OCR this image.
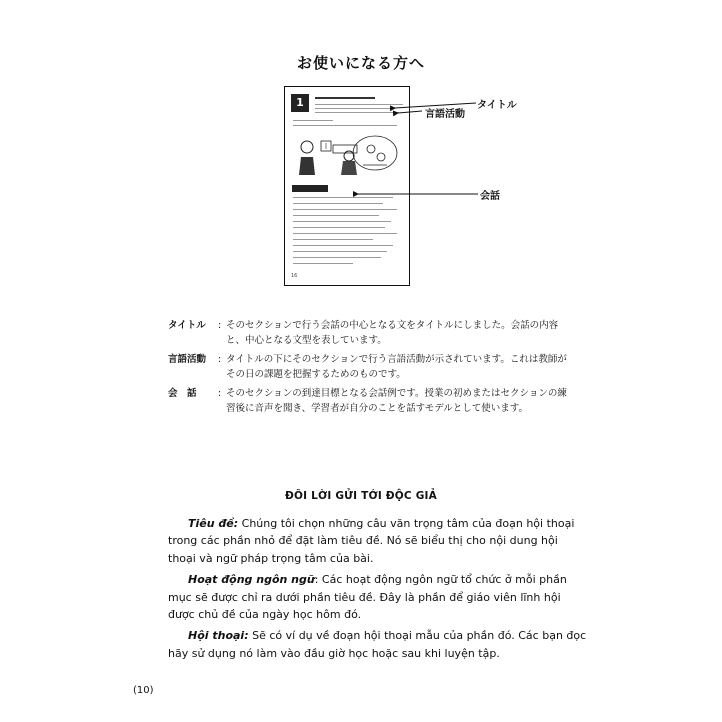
お使いになる方へ
1
16
タイトル
言語活動
会話
タイトル	: そのセクションで行う会話の中心となる文をタイトルにしました。会話の内容と、中心となる文型を表しています。
言語活動	: タイトルの下にそのセクションで行う言語活動が示されています。これは教師がその日の課題を把握するためのものです。
会　話	: そのセクションの到達目標となる会話例です。授業の初めまたはセクションの練習後に音声を聞き、学習者が自分のことを話すモデルとして使います。
ĐÔI LỜI GỬI TỚI ĐỘC GIẢ

Tiêu đề: Chúng tôi chọn những câu văn trọng tâm của đoạn hội thoại trong các phần nhỏ để đặt làm tiêu đề. Nó sẽ biểu thị cho nội dung hội thoại và ngữ pháp trọng tâm của bài.

Hoạt động ngôn ngữ: Các hoạt động ngôn ngữ tổ chức ở mỗi phần mục sẽ được chỉ ra dưới phần tiêu đề. Đây là phần để giáo viên lĩnh hội được chủ đề của ngày học hôm đó.

Hội thoại: Sẽ có ví dụ về đoạn hội thoại mẫu của phần đó. Các bạn đọc hãy sử dụng nó làm vào đầu giờ học hoặc sau khi luyện tập.

(10)
